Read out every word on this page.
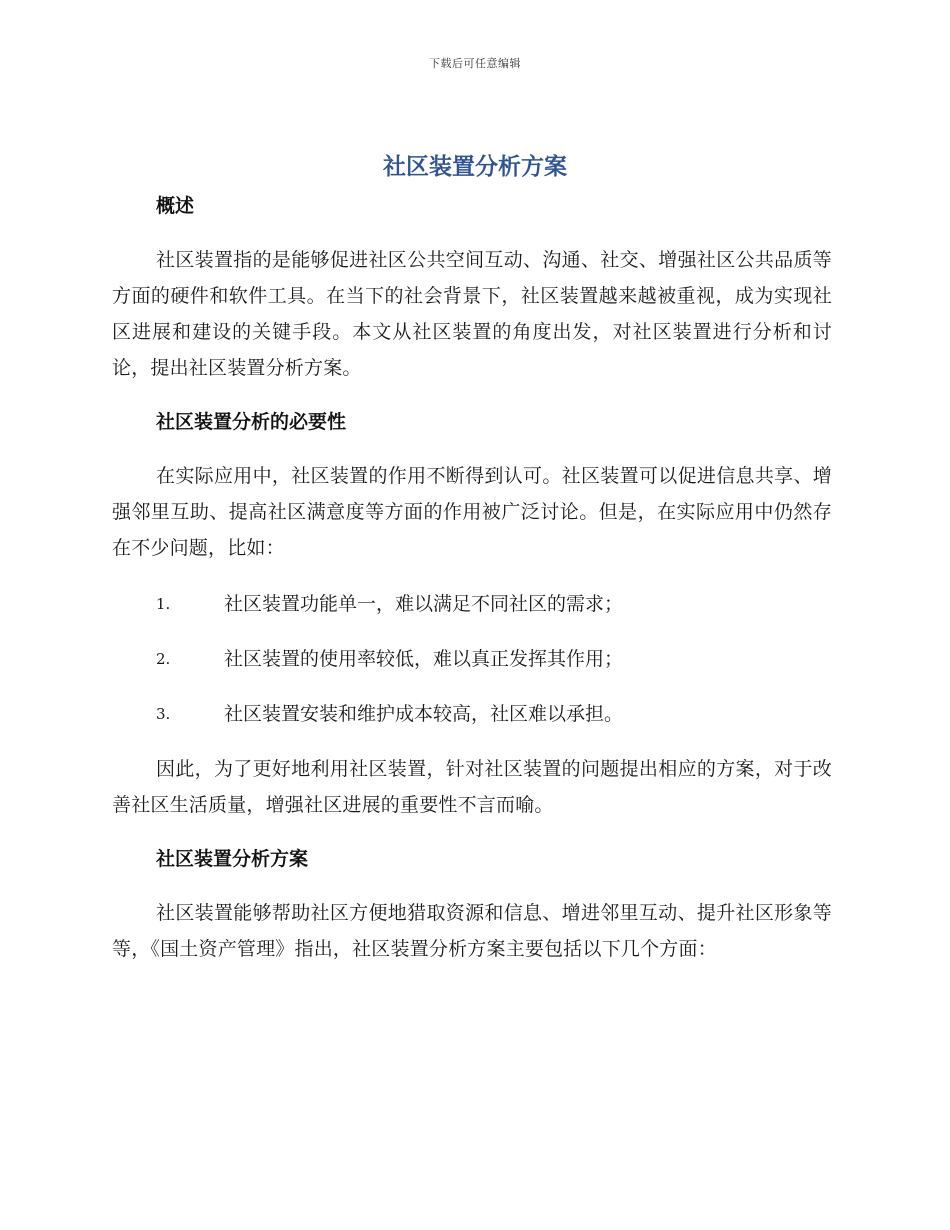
下载后可任意编辑
社区装置分析方案
概述

社区装置指的是能够促进社区公共空间互动、沟通、社交、增强社区公共品质等方面的硬件和软件工具。在当下的社会背景下，社区装置越来越被重视，成为实现社区进展和建设的关键手段。本文从社区装置的角度出发，对社区装置进行分析和讨论，提出社区装置分析方案。

社区装置分析的必要性

在实际应用中，社区装置的作用不断得到认可。社区装置可以促进信息共享、增强邻里互助、提高社区满意度等方面的作用被广泛讨论。但是，在实际应用中仍然存在不少问题，比如：

1.	社区装置功能单一，难以满足不同社区的需求；
2.	社区装置的使用率较低，难以真正发挥其作用；
3.	社区装置安装和维护成本较高，社区难以承担。

因此，为了更好地利用社区装置，针对社区装置的问题提出相应的方案，对于改善社区生活质量，增强社区进展的重要性不言而喻。

社区装置分析方案

社区装置能够帮助社区方便地猎取资源和信息、增进邻里互动、提升社区形象等等，《国土资产管理》指出，社区装置分析方案主要包括以下几个方面：
